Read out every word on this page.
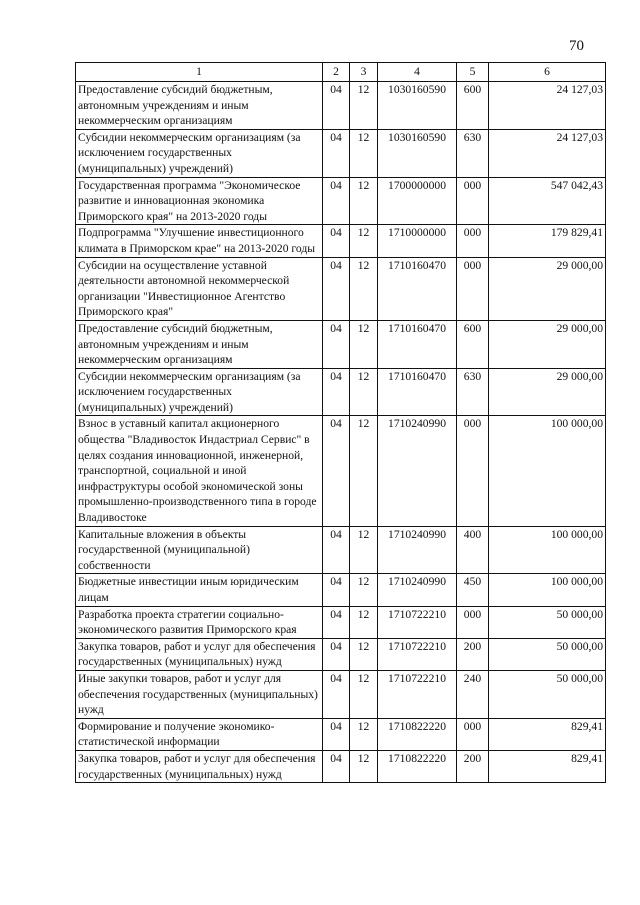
70
1	2	3	4	5	6
Предоставление субсидий бюджетным, автономным учреждениям и иным некоммерческим организациям	04	12	1030160590	600	24 127,03
Субсидии некоммерческим организациям (за исключением государственных (муниципальных) учреждений)	04	12	1030160590	630	24 127,03
Государственная программа "Экономическое развитие и инновационная экономика Приморского края" на 2013-2020 годы	04	12	1700000000	000	547 042,43
Подпрограмма "Улучшение инвестиционного климата в Приморском крае" на 2013-2020 годы	04	12	1710000000	000	179 829,41
Субсидии на осуществление уставной деятельности автономной некоммерческой организации "Инвестиционное Агентство Приморского края"	04	12	1710160470	000	29 000,00
Предоставление субсидий бюджетным, автономным учреждениям и иным некоммерческим организациям	04	12	1710160470	600	29 000,00
Субсидии некоммерческим организациям (за исключением государственных (муниципальных) учреждений)	04	12	1710160470	630	29 000,00
Взнос в уставный капитал акционерного общества "Владивосток Индастриал Сервис" в целях создания инновационной, инженерной, транспортной, социальной и иной инфраструктуры особой экономической зоны промышленно-производственного типа в городе Владивостоке	04	12	1710240990	000	100 000,00
Капитальные вложения в объекты государственной (муниципальной) собственности	04	12	1710240990	400	100 000,00
Бюджетные инвестиции иным юридическим лицам	04	12	1710240990	450	100 000,00
Разработка проекта стратегии социально-экономического развития Приморского края	04	12	1710722210	000	50 000,00
Закупка товаров, работ и услуг для обеспечения государственных (муниципальных) нужд	04	12	1710722210	200	50 000,00
Иные закупки товаров, работ и услуг для обеспечения государственных (муниципальных) нужд	04	12	1710722210	240	50 000,00
Формирование и получение экономико-статистической информации	04	12	1710822220	000	829,41
Закупка товаров, работ и услуг для обеспечения государственных (муниципальных) нужд	04	12	1710822220	200	829,41
